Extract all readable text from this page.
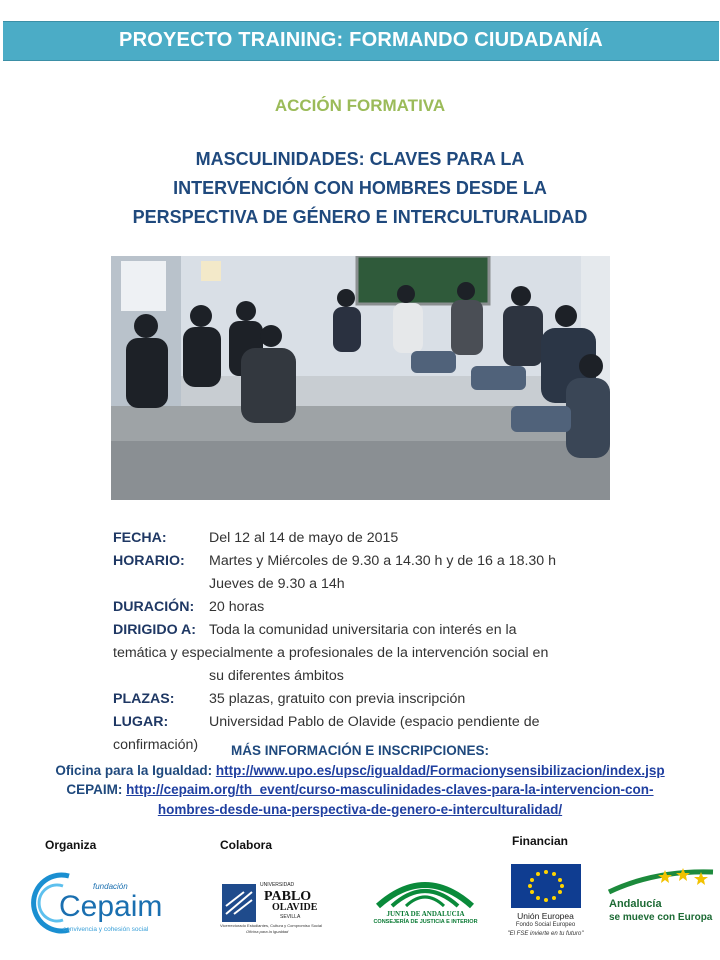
PROYECTO TRAINING: FORMANDO CIUDADANÍA
ACCIÓN FORMATIVA
MASCULINIDADES: CLAVES PARA LA
INTERVENCIÓN CON HOMBRES DESDE LA
PERSPECTIVA DE GÉNERO E INTERCULTURALIDAD
FECHA:	Del 12 al 14 de mayo de 2015
HORARIO: Martes y Miércoles de 9.30 a 14.30 h y de 16 a 18.30 h
Jueves de 9.30 a 14h
DURACIÓN: 20 horas
DIRIGIDO A: Toda la comunidad universitaria con interés en la
temática y especialmente a profesionales de la intervención social en
su diferentes ámbitos
PLAZAS: 35 plazas, gratuito con previa inscripción
LUGAR:	Universidad Pablo de Olavide (espacio pendiente de
confirmación)	MÁS INFORMACIÓN E INSCRIPCIONES:
Oficina para la Igualdad: http://www.upo.es/upsc/igualdad/Formacionysensibilizacion/index.jsp
CEPAIM: http://cepaim.org/th_event/curso-masculinidades-claves-para-la-intervencion-con-
hombres-desde-una-perspectiva-de-genero-e-interculturalidad/
Organiza	Colabora	Financian
fundación
Cepaim
convivencia y cohesión social
UNIVERSIDAD
PABLO
OLAVIDE
SEVILLA
Vicerrectorado Estudiantes, Cultura y Compromiso Social
Oficina para la Igualdad
JUNTA DE ANDALUCIA
CONSEJERÍA DE JUSTICIA E INTERIOR
Unión Europea
Fondo Social Europeo
"El FSE invierte en tu futuro"
Andalucía
se mueve con Europa
